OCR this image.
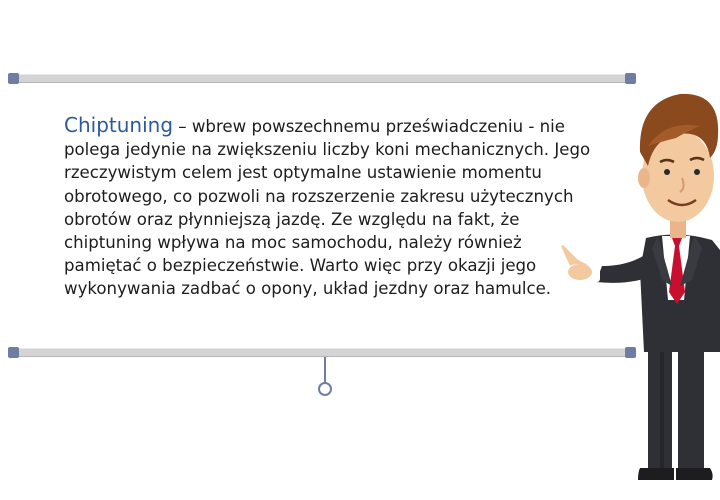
Chiptuning – wbrew powszechnemu przeświadczeniu - nie polega jedynie na zwiększeniu liczby koni mechanicznych. Jego rzeczywistym celem jest optymalne ustawienie momentu obrotowego, co pozwoli na rozszerzenie zakresu użytecznych obrotów oraz płynniejszą jazdę. Ze względu na fakt, że chiptuning wpływa na moc samochodu, należy również pamiętać o bezpieczeństwie. Warto więc przy okazji jego wykonywania zadbać o opony, układ jezdny oraz hamulce.
